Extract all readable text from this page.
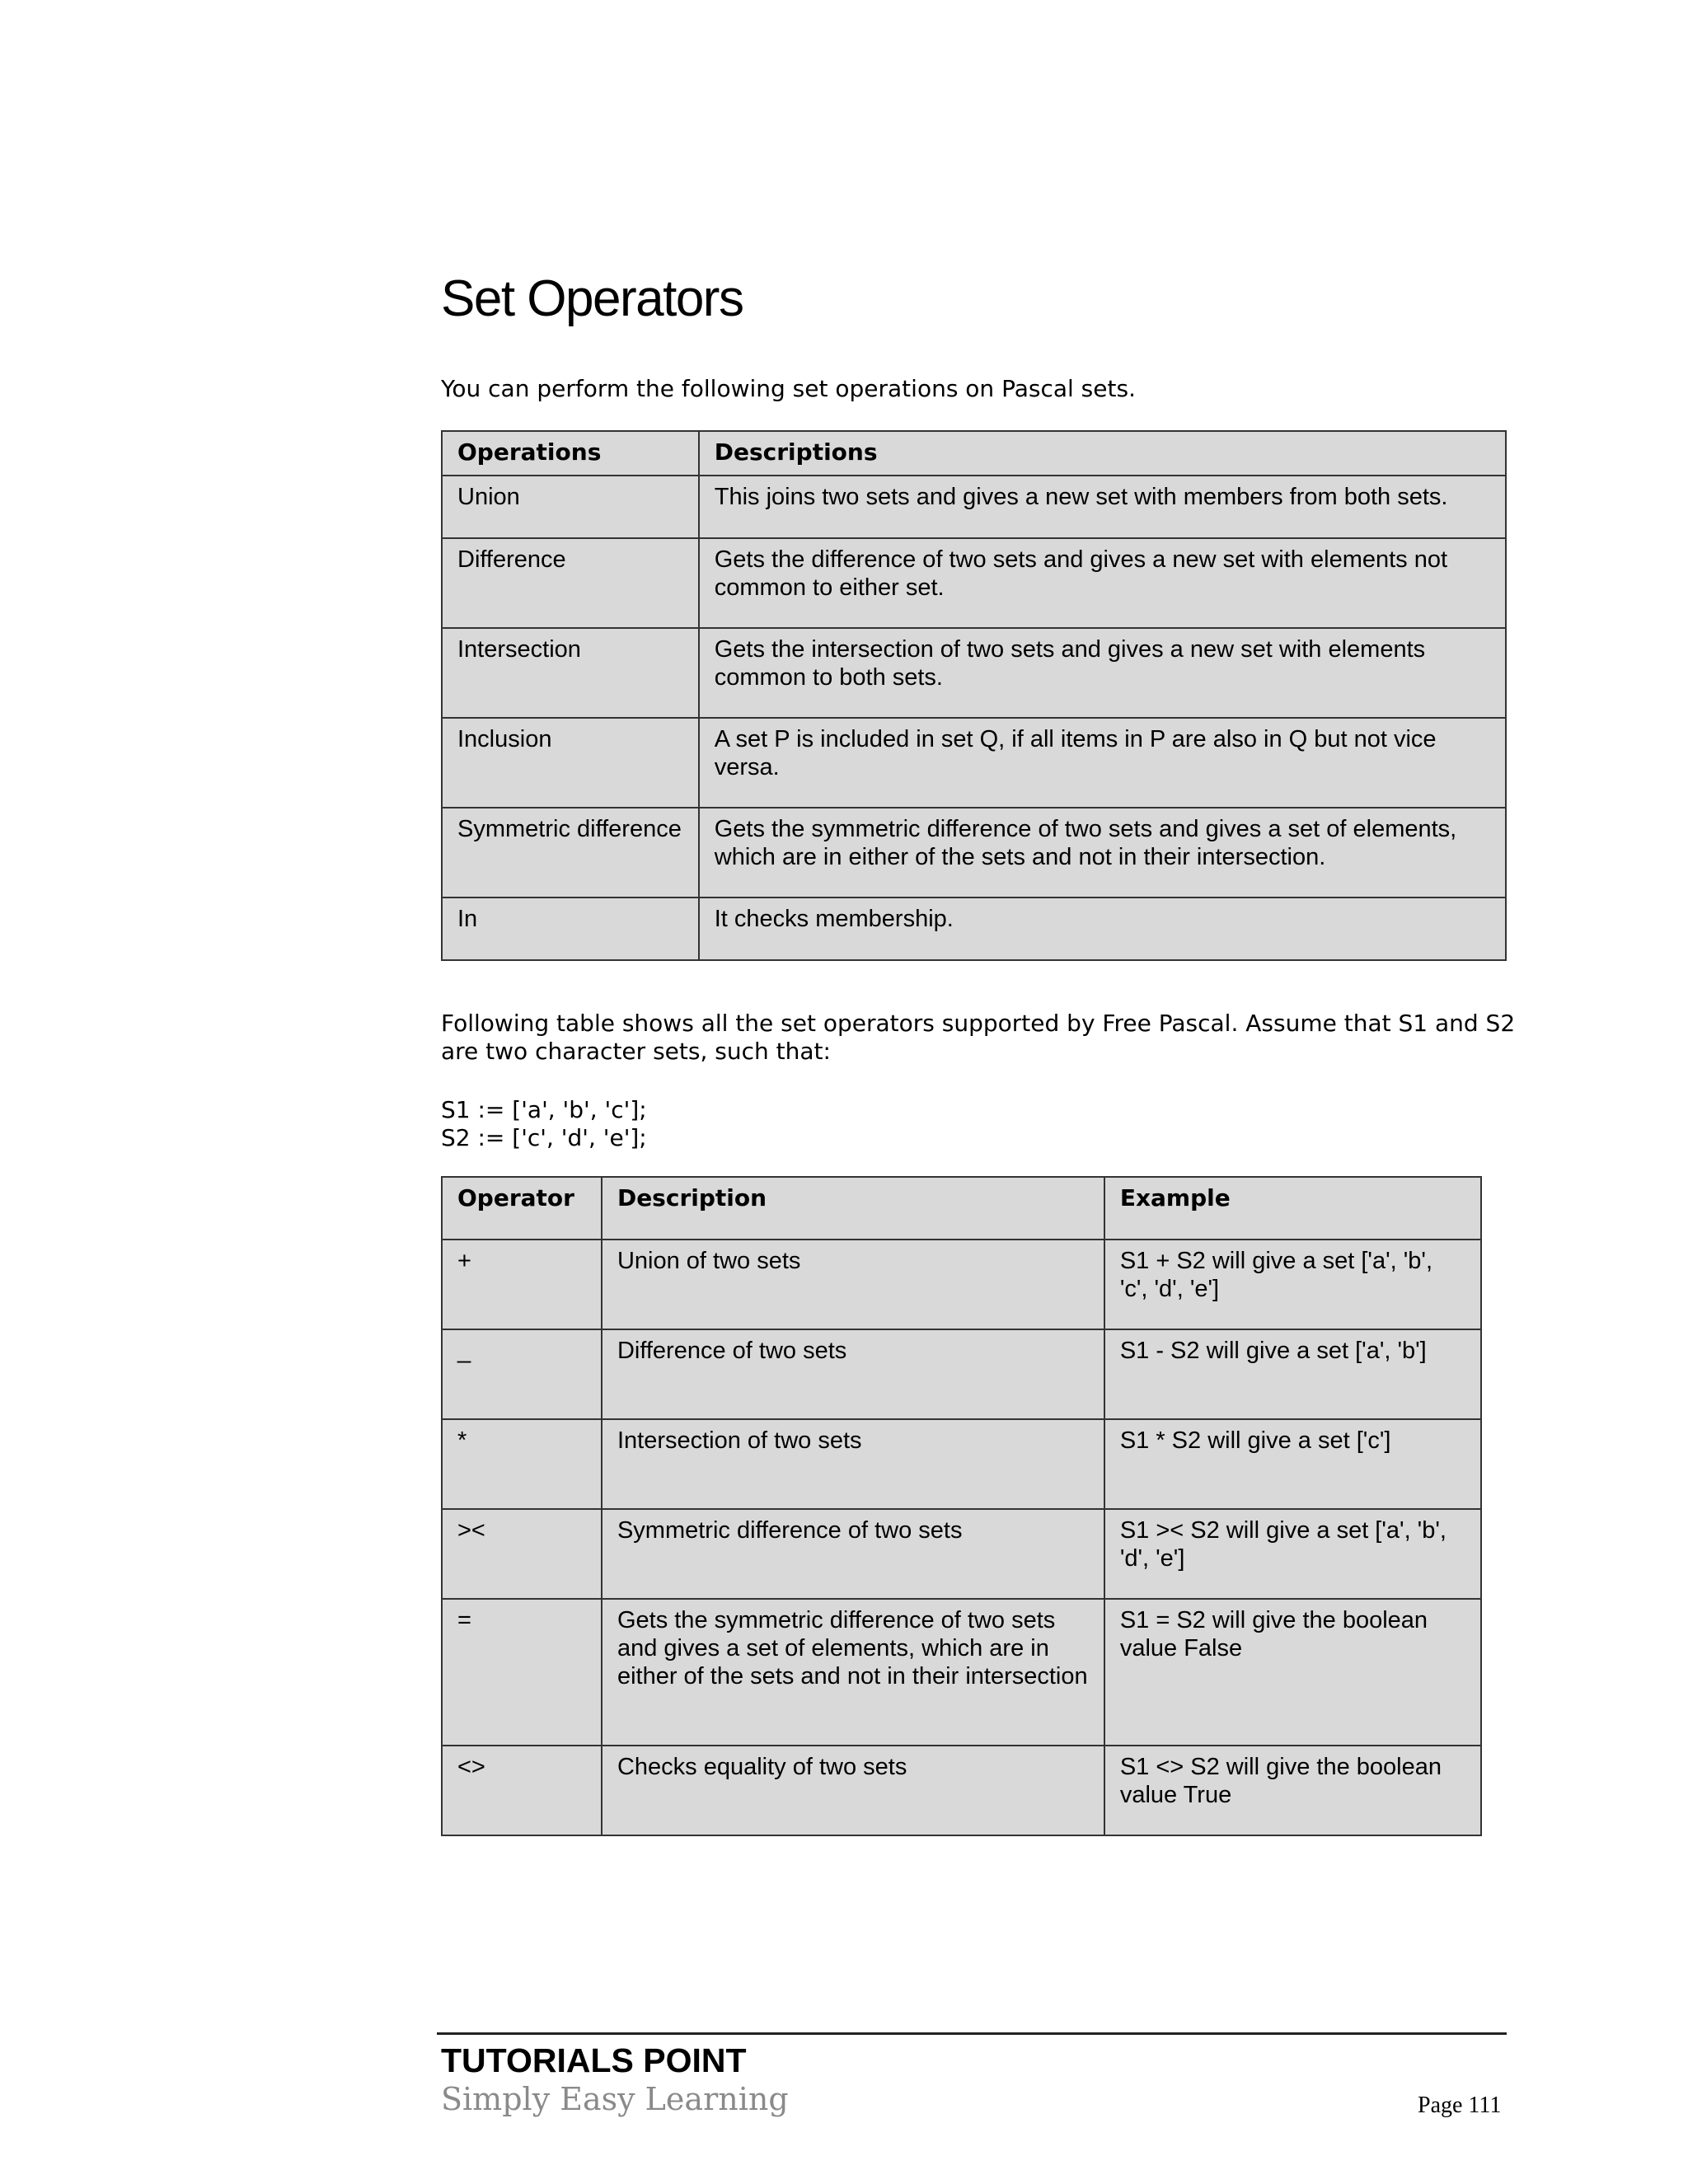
Set Operators

You can perform the following set operations on Pascal sets.

Operations	Descriptions
Union	This joins two sets and gives a new set with members from both sets.
Difference	Gets the difference of two sets and gives a new set with elements not common to either set.
Intersection	Gets the intersection of two sets and gives a new set with elements common to both sets.
Inclusion	A set P is included in set Q, if all items in P are also in Q but not vice versa.
Symmetric difference	Gets the symmetric difference of two sets and gives a set of elements, which are in either of the sets and not in their intersection.
In	It checks membership.

Following table shows all the set operators supported by Free Pascal. Assume that S1 and S2 are two character sets, such that:

S1 := ['a', 'b', 'c'];
S2 := ['c', 'd', 'e'];
Operator	Description	Example
+	Union of two sets	S1 + S2 will give a set ['a', 'b', 'c', 'd', 'e']
_	Difference of two sets	S1 - S2 will give a set ['a', 'b']
*	Intersection of two sets	S1 * S2 will give a set ['c']
><	Symmetric difference of two sets	S1 >< S2 will give a set ['a', 'b', 'd', 'e']
=	Gets the symmetric difference of two sets and gives a set of elements, which are in either of the sets and not in their intersection	S1 = S2 will give the boolean value False
<>	Checks equality of two sets	S1 <> S2 will give the boolean value True
TUTORIALS POINT
Simply Easy Learning	Page 111
